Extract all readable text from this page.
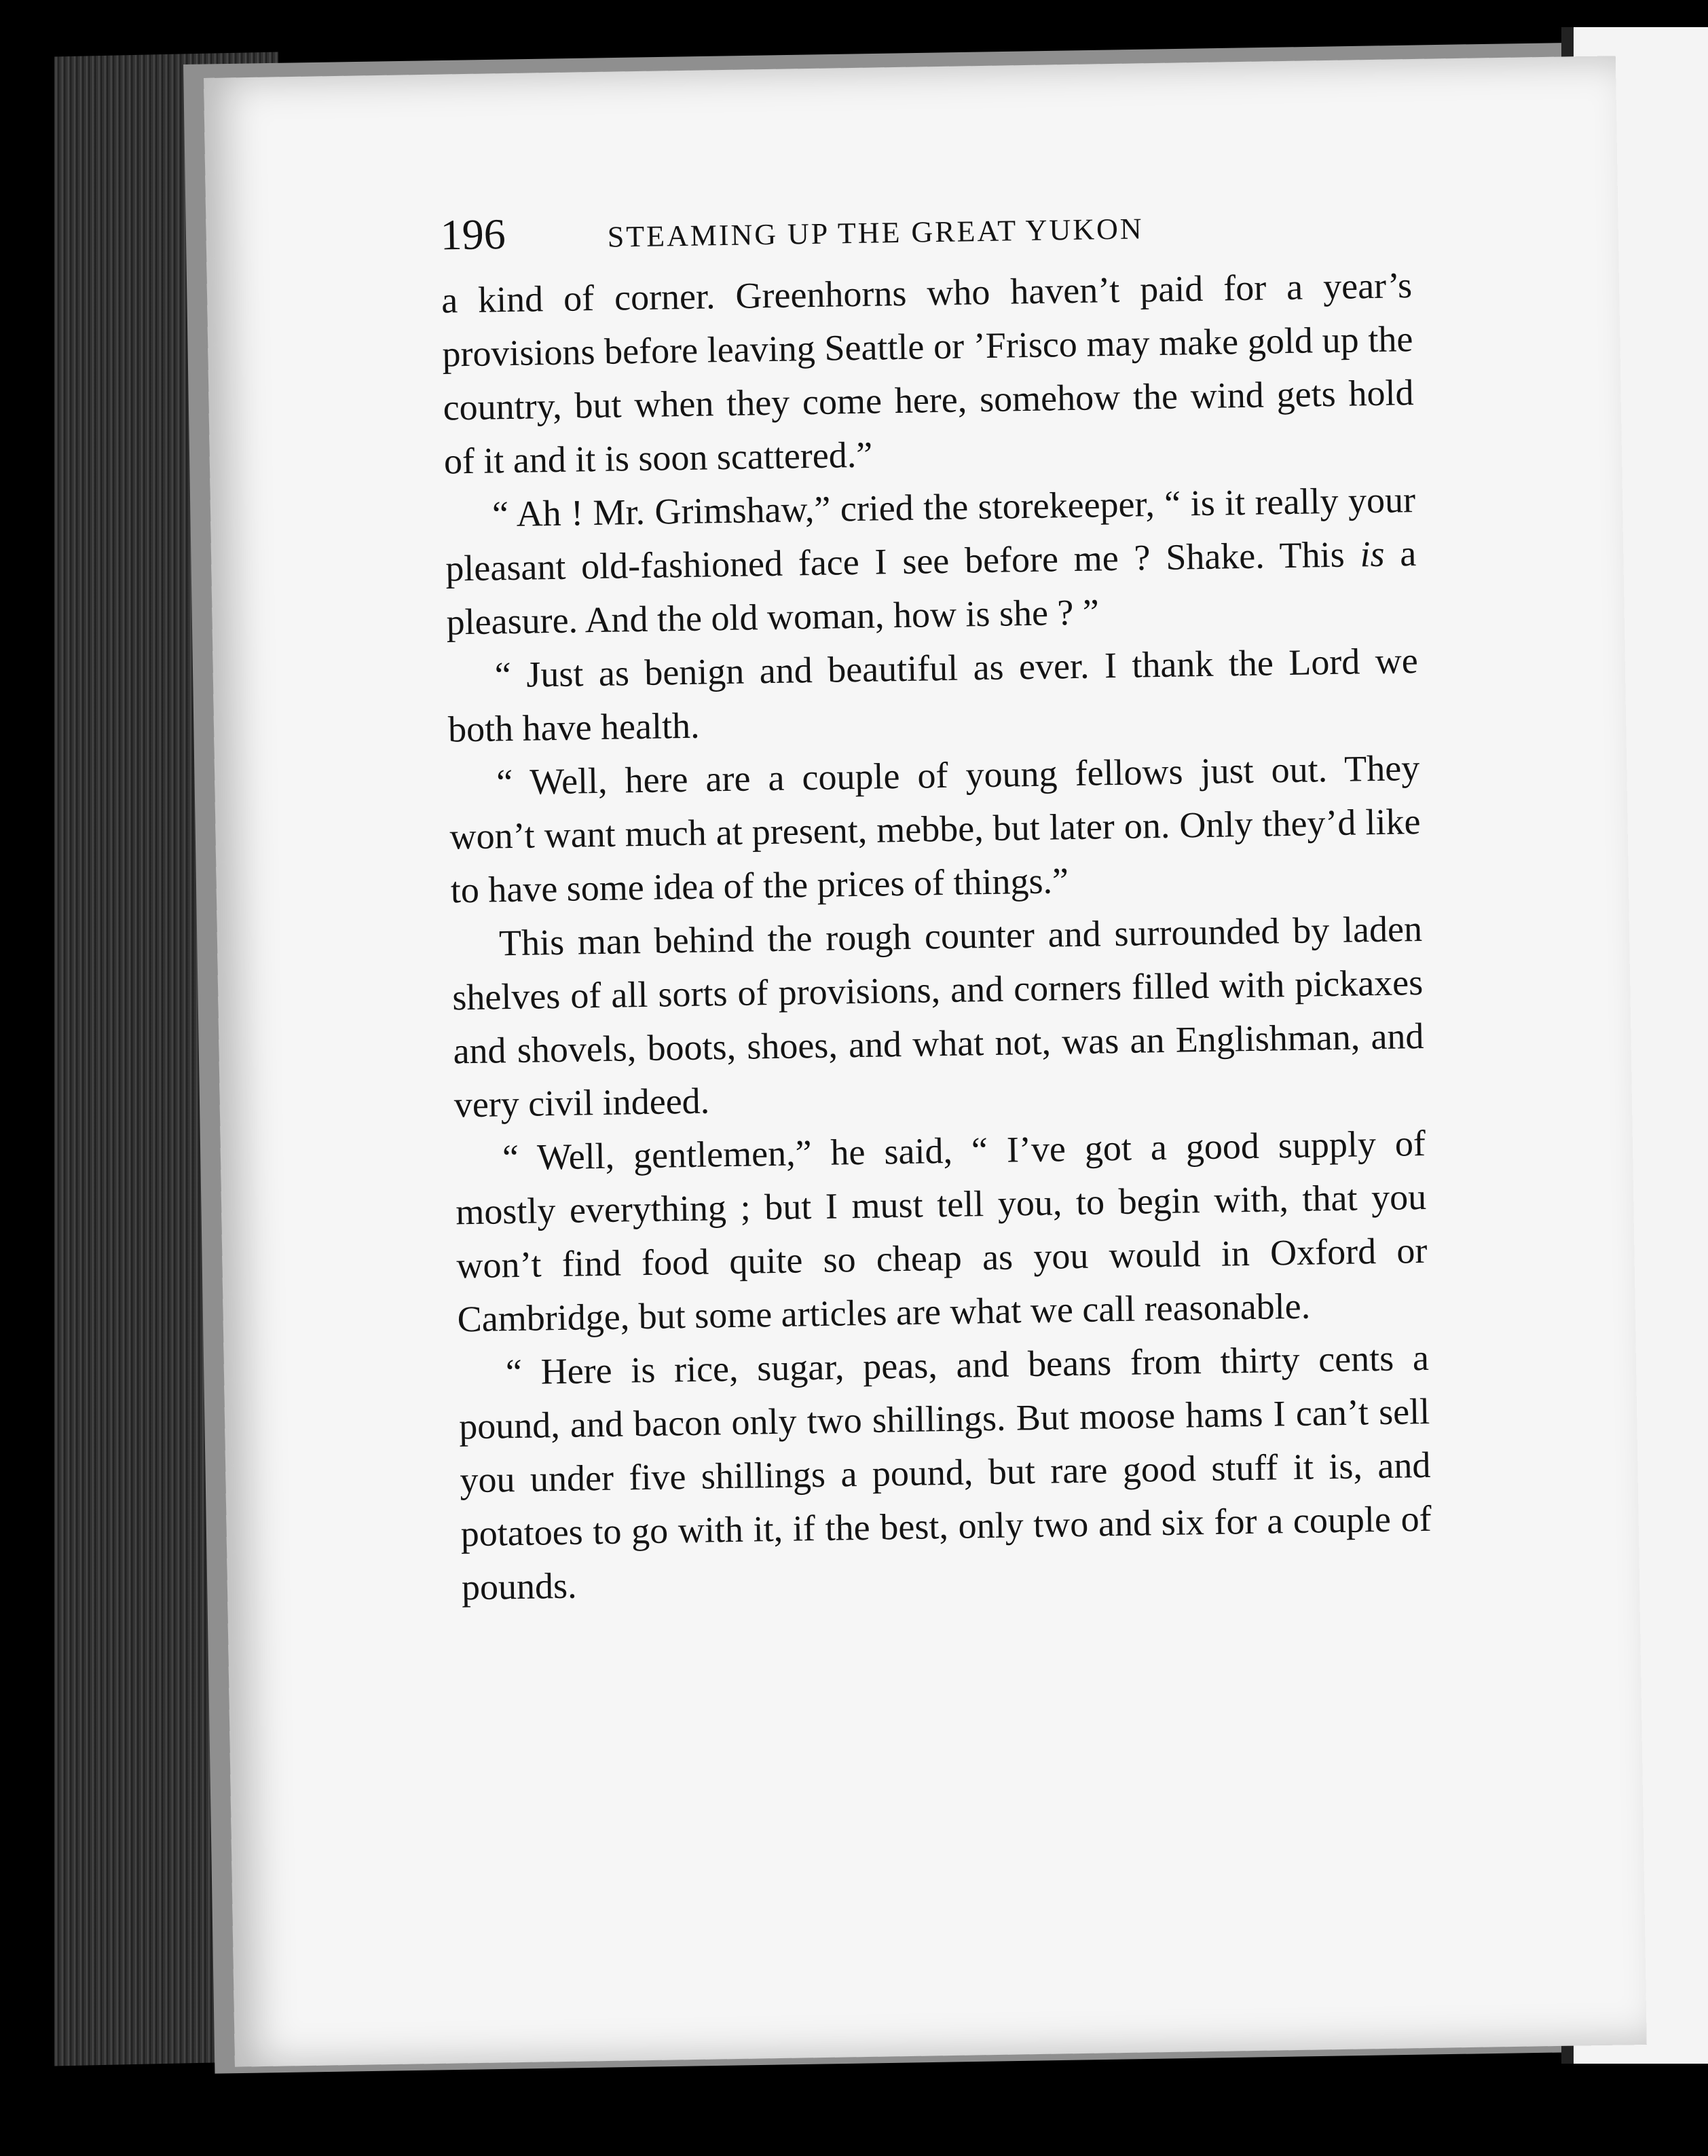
196	STEAMING UP THE GREAT YUKON

a kind of corner. Greenhorns who haven’t paid for a year’s provisions before leaving Seattle or ’Frisco may make gold up the country, but when they come here, somehow the wind gets hold of it and it is soon scattered.”

“ Ah ! Mr. Grimshaw,” cried the storekeeper, “ is it really your pleasant old-fashioned face I see before me ? Shake. This is a pleasure. And the old woman, how is she ? ”

“ Just as benign and beautiful as ever. I thank the Lord we both have health.

“ Well, here are a couple of young fellows just out. They won’t want much at present, mebbe, but later on. Only they’d like to have some idea of the prices of things.”

This man behind the rough counter and surrounded by laden shelves of all sorts of provisions, and corners filled with pickaxes and shovels, boots, shoes, and what not, was an Englishman, and very civil indeed.

“ Well, gentlemen,” he said, “ I’ve got a good supply of mostly everything ; but I must tell you, to begin with, that you won’t find food quite so cheap as you would in Oxford or Cambridge, but some articles are what we call reasonable.

“ Here is rice, sugar, peas, and beans from thirty cents a pound, and bacon only two shillings. But moose hams I can’t sell you under five shillings a pound, but rare good stuff it is, and potatoes to go with it, if the best, only two and six for a couple of pounds.
